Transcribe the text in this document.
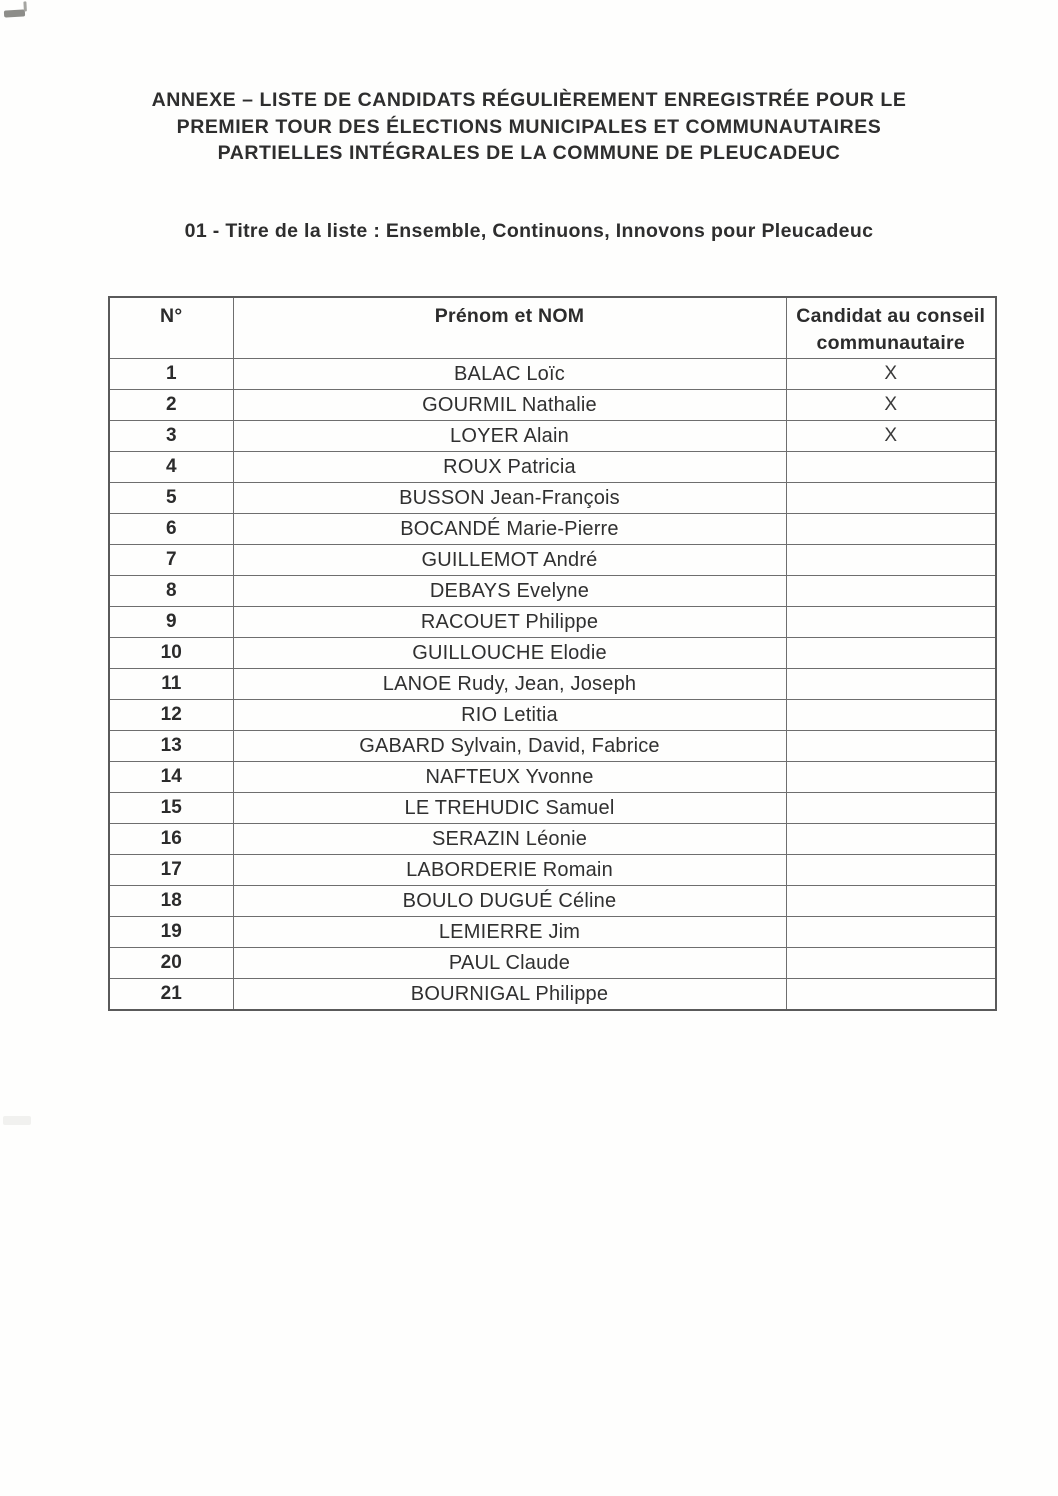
ANNEXE – LISTE DE CANDIDATS RÉGULIÈREMENT ENREGISTRÉE POUR LE
PREMIER TOUR DES ÉLECTIONS MUNICIPALES ET COMMUNAUTAIRES
PARTIELLES INTÉGRALES DE LA COMMUNE DE PLEUCADEUC
01 - Titre de la liste : Ensemble, Continuons, Innovons pour Pleucadeuc
N°	Prénom et NOM	Candidat au conseil communautaire
1	BALAC Loïc	X
2	GOURMIL Nathalie	X
3	LOYER Alain	X
4	ROUX Patricia	
5	BUSSON Jean-François	
6	BOCANDÉ Marie-Pierre	
7	GUILLEMOT André	
8	DEBAYS Evelyne	
9	RACOUET Philippe	
10	GUILLOUCHE Elodie	
11	LANOE Rudy, Jean, Joseph	
12	RIO Letitia	
13	GABARD Sylvain, David, Fabrice	
14	NAFTEUX Yvonne	
15	LE TREHUDIC Samuel	
16	SERAZIN Léonie	
17	LABORDERIE Romain	
18	BOULO DUGUÉ Céline	
19	LEMIERRE Jim	
20	PAUL Claude	
21	BOURNIGAL Philippe	
